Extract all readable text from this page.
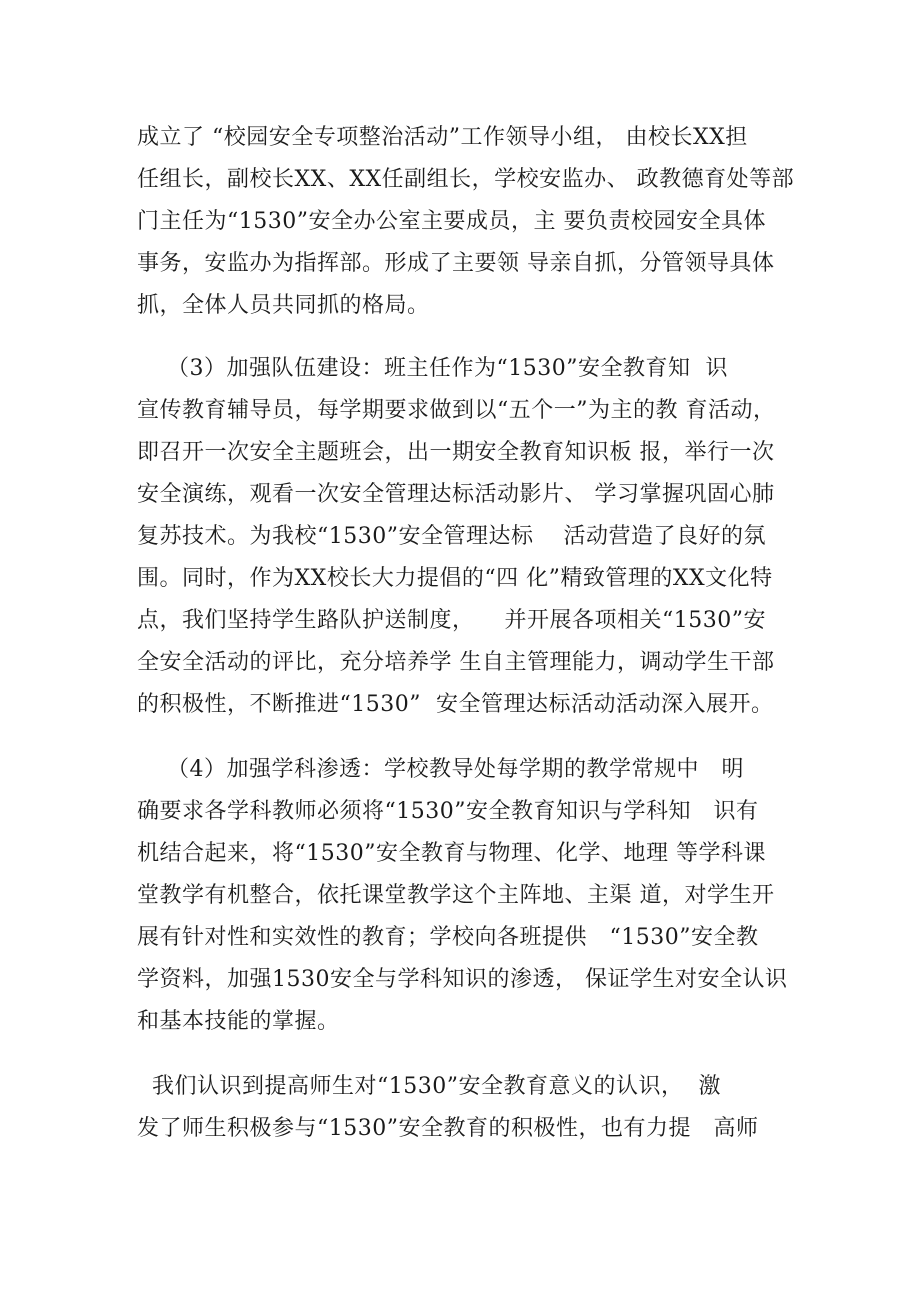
成立了 “校园安全专项整治活动”工作领导小组， 由校长XX担
任组长，副校长XX、XX任副组长，学校安监办、 政教德育处等部
门主任为“1530”安全办公室主要成员，主 要负责校园安全具体
事务，安监办为指挥部。形成了主要领 导亲自抓，分管领导具体
抓，全体人员共同抓的格局。
（3）加强队伍建设：班主任作为“1530”安全教育知  识
宣传教育辅导员，每学期要求做到以“五个一”为主的教 育活动，
即召开一次安全主题班会，出一期安全教育知识板 报，举行一次
安全演练，观看一次安全管理达标活动影片、 学习掌握巩固心肺
复苏技术。为我校“1530”安全管理达标    活动营造了良好的氛
围。同时，作为XX校长大力提倡的“四 化”精致管理的XX文化特
点，我们坚持学生路队护送制度，    并开展各项相关“1530”安
全安全活动的评比，充分培养学 生自主管理能力，调动学生干部
的积极性，不断推进“1530”  安全管理达标活动活动深入展开。
（4）加强学科渗透：学校教导处每学期的教学常规中   明
确要求各学科教师必须将“1530”安全教育知识与学科知   识有
机结合起来，将“1530”安全教育与物理、化学、地理 等学科课
堂教学有机整合，依托课堂教学这个主阵地、主渠 道，对学生开
展有针对性和实效性的教育；学校向各班提供   “1530”安全教
学资料，加强1530安全与学科知识的渗透， 保证学生对安全认识
和基本技能的掌握。
我们认识到提高师生对“1530”安全教育意义的认识，  激
发了师生积极参与“1530”安全教育的积极性，也有力提   高师
